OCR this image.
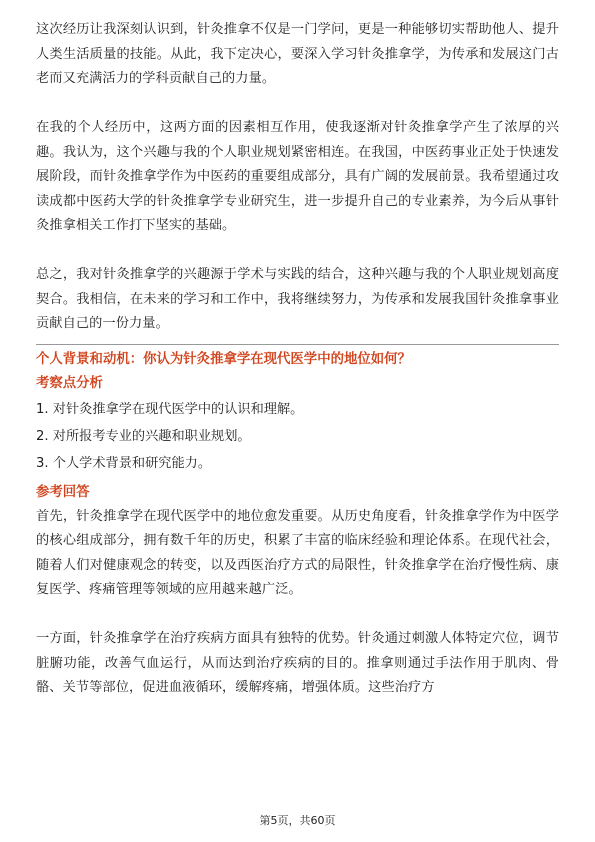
这次经历让我深刻认识到，针灸推拿不仅是一门学问，更是一种能够切实帮助他人、提升人类生活质量的技能。从此，我下定决心，要深入学习针灸推拿学，为传承和发展这门古老而又充满活力的学科贡献自己的力量。

在我的个人经历中，这两方面的因素相互作用，使我逐渐对针灸推拿学产生了浓厚的兴趣。我认为，这个兴趣与我的个人职业规划紧密相连。在我国，中医药事业正处于快速发展阶段，而针灸推拿学作为中医药的重要组成部分，具有广阔的发展前景。我希望通过攻读成都中医药大学的针灸推拿学专业研究生，进一步提升自己的专业素养，为今后从事针灸推拿相关工作打下坚实的基础。

总之，我对针灸推拿学的兴趣源于学术与实践的结合，这种兴趣与我的个人职业规划高度契合。我相信，在未来的学习和工作中，我将继续努力，为传承和发展我国针灸推拿事业贡献自己的一份力量。

个人背景和动机：你认为针灸推拿学在现代医学中的地位如何？

考察点分析

1. 对针灸推拿学在现代医学中的认识和理解。

2. 对所报考专业的兴趣和职业规划。

3. 个人学术背景和研究能力。

参考回答

首先，针灸推拿学在现代医学中的地位愈发重要。从历史角度看，针灸推拿学作为中医学的核心组成部分，拥有数千年的历史，积累了丰富的临床经验和理论体系。在现代社会，随着人们对健康观念的转变，以及西医治疗方式的局限性，针灸推拿学在治疗慢性病、康复医学、疼痛管理等领域的应用越来越广泛。

一方面，针灸推拿学在治疗疾病方面具有独特的优势。针灸通过刺激人体特定穴位，调节脏腑功能，改善气血运行，从而达到治疗疾病的目的。推拿则通过手法作用于肌肉、骨骼、关节等部位，促进血液循环，缓解疼痛，增强体质。这些治疗方

第5页，共60页
